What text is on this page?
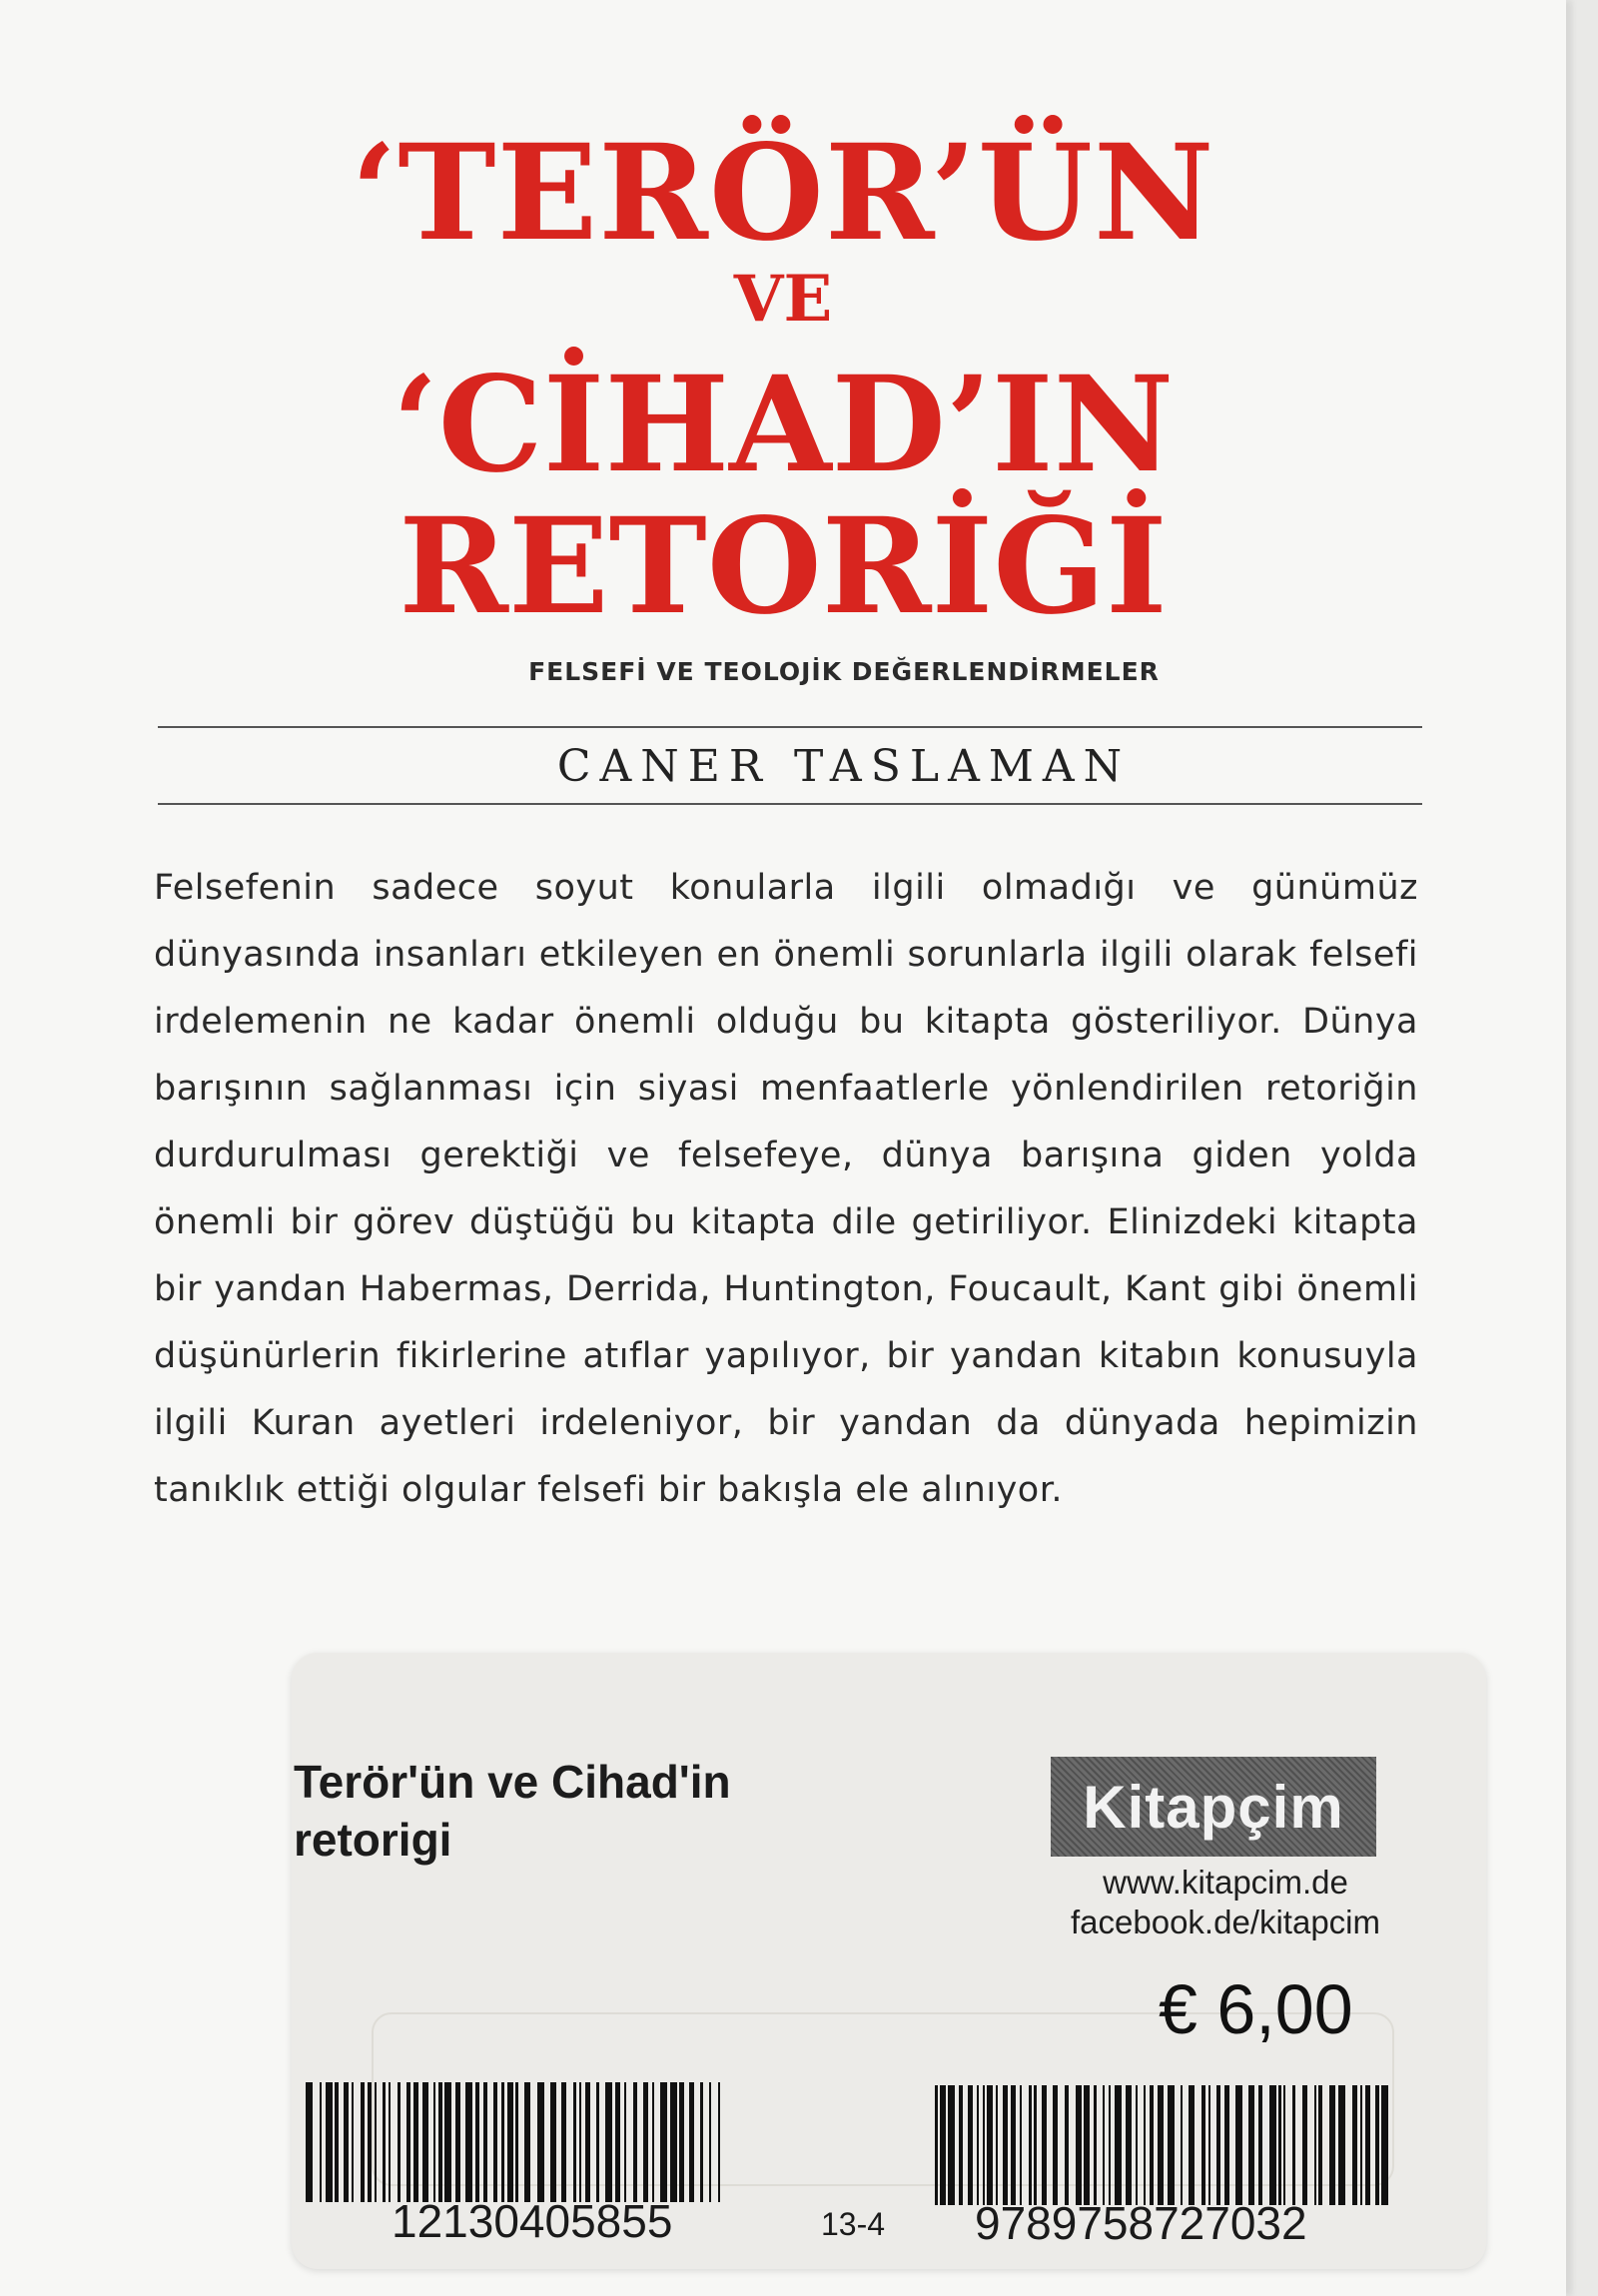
‘TERÖR’ÜN
VE
‘CİHAD’IN
RETORİĞİ
FELSEFİ VE TEOLOJİK DEĞERLENDİRMELER
CANER TASLAMAN

Felsefenin sadece soyut konularla ilgili olmadığı ve günümüz dünyasında insanları etkileyen en önemli sorunlarla ilgili olarak felsefi irdelemenin ne kadar önemli olduğu bu kitapta gösteriliyor. Dünya barışının sağlanması için siyasi menfaatlerle yönlendirilen retoriğin durdurulması gerektiği ve felsefeye, dünya barışına giden yolda önemli bir görev düştüğü bu kitapta dile getiriliyor. Elinizdeki kitapta bir yandan Habermas, Derrida, Huntington, Foucault, Kant gibi önemli düşünürlerin fikirlerine atıflar yapılıyor, bir yandan kitabın konusuyla ilgili Kuran ayetleri irdeleniyor, bir yandan da dünyada hepimizin tanıklık ettiği olgular felsefi bir bakışla ele alınıyor.

Terör'ün ve Cihad'in retorigi	Kitapçim
www.kitapcim.de
facebook.de/kitapcim
€ 6,00
12130405855	13-4 9789758727032
